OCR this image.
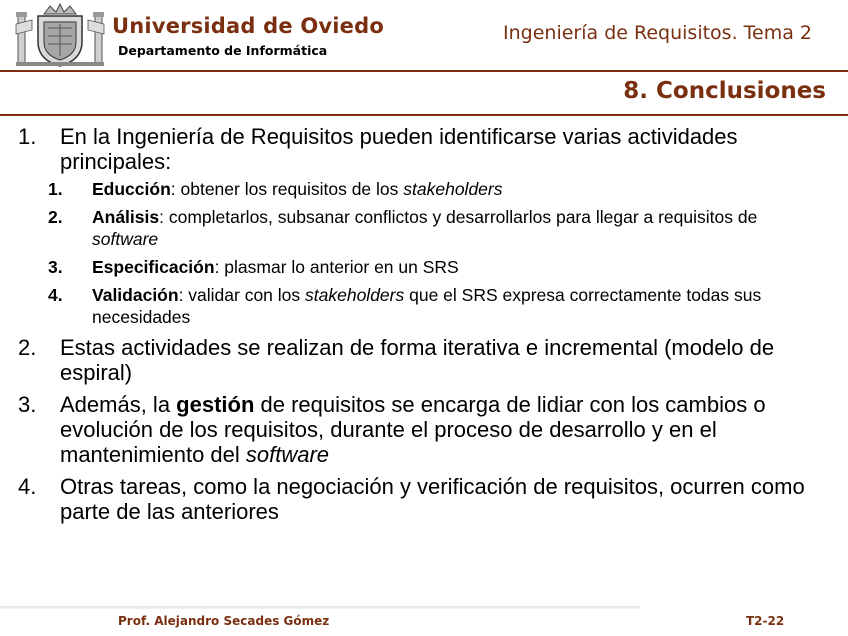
Universidad de Oviedo
Departamento de Informática
Ingeniería de Requisitos. Tema 2
8. Conclusiones
1. En la Ingeniería de Requisitos pueden identificarse varias actividades principales:
1. Educción: obtener los requisitos de los stakeholders
2. Análisis: completarlos, subsanar conflictos y desarrollarlos para llegar a requisitos de software
3. Especificación: plasmar lo anterior en un SRS
4. Validación: validar con los stakeholders que el SRS expresa correctamente todas sus necesidades
2. Estas actividades se realizan de forma iterativa e incremental (modelo de espiral)
3. Además, la gestión de requisitos se encarga de lidiar con los cambios o evolución de los requisitos, durante el proceso de desarrollo y en el mantenimiento del software
4. Otras tareas, como la negociación y verificación de requisitos, ocurren como parte de las anteriores
Prof. Alejandro Secades Gómez	T2-22
